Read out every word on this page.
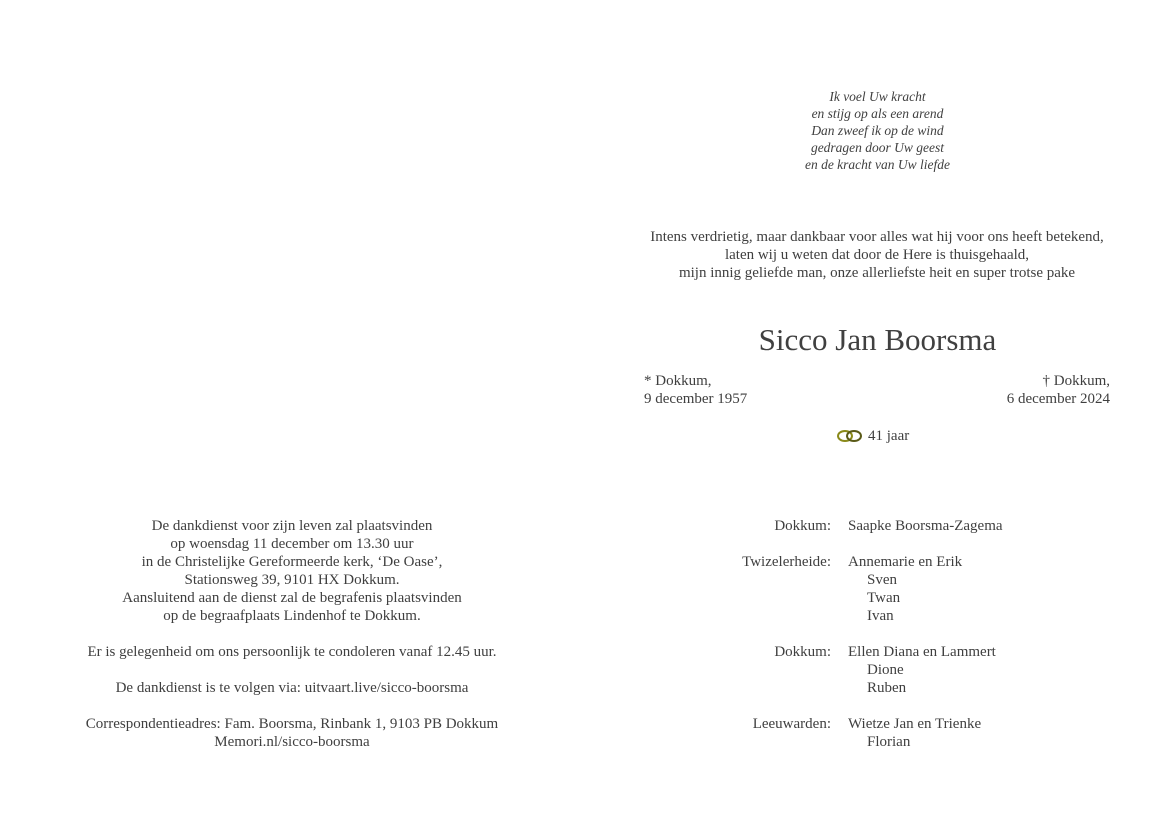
Ik voel Uw kracht
en stijg op als een arend
Dan zweef ik op de wind
gedragen door Uw geest
en de kracht van Uw liefde
Intens verdrietig, maar dankbaar voor alles wat hij voor ons heeft betekend,
laten wij u weten dat door de Here is thuisgehaald,
mijn innig geliefde man, onze allerliefste heit en super trotse pake
Sicco Jan Boorsma
* Dokkum,
9 december 1957
† Dokkum,
6 december 2024
41 jaar
De dankdienst voor zijn leven zal plaatsvinden
op woensdag 11 december om 13.30 uur
in de Christelijke Gereformeerde kerk, ‘De Oase’,
Stationsweg 39, 9101 HX Dokkum.
Aansluitend aan de dienst zal de begrafenis plaatsvinden
op de begraafplaats Lindenhof te Dokkum.
Er is gelegenheid om ons persoonlijk te condoleren vanaf 12.45 uur.
De dankdienst is te volgen via: uitvaart.live/sicco-boorsma
Correspondentieadres: Fam. Boorsma, Rinbank 1, 9103 PB Dokkum
Memori.nl/sicco-boorsma
Dokkum: Saapke Boorsma-Zagema
Twizelerheide: Annemarie en Erik
Sven
Twan
Ivan
Dokkum: Ellen Diana en Lammert
Dione
Ruben
Leeuwarden: Wietze Jan en Trienke
Florian
